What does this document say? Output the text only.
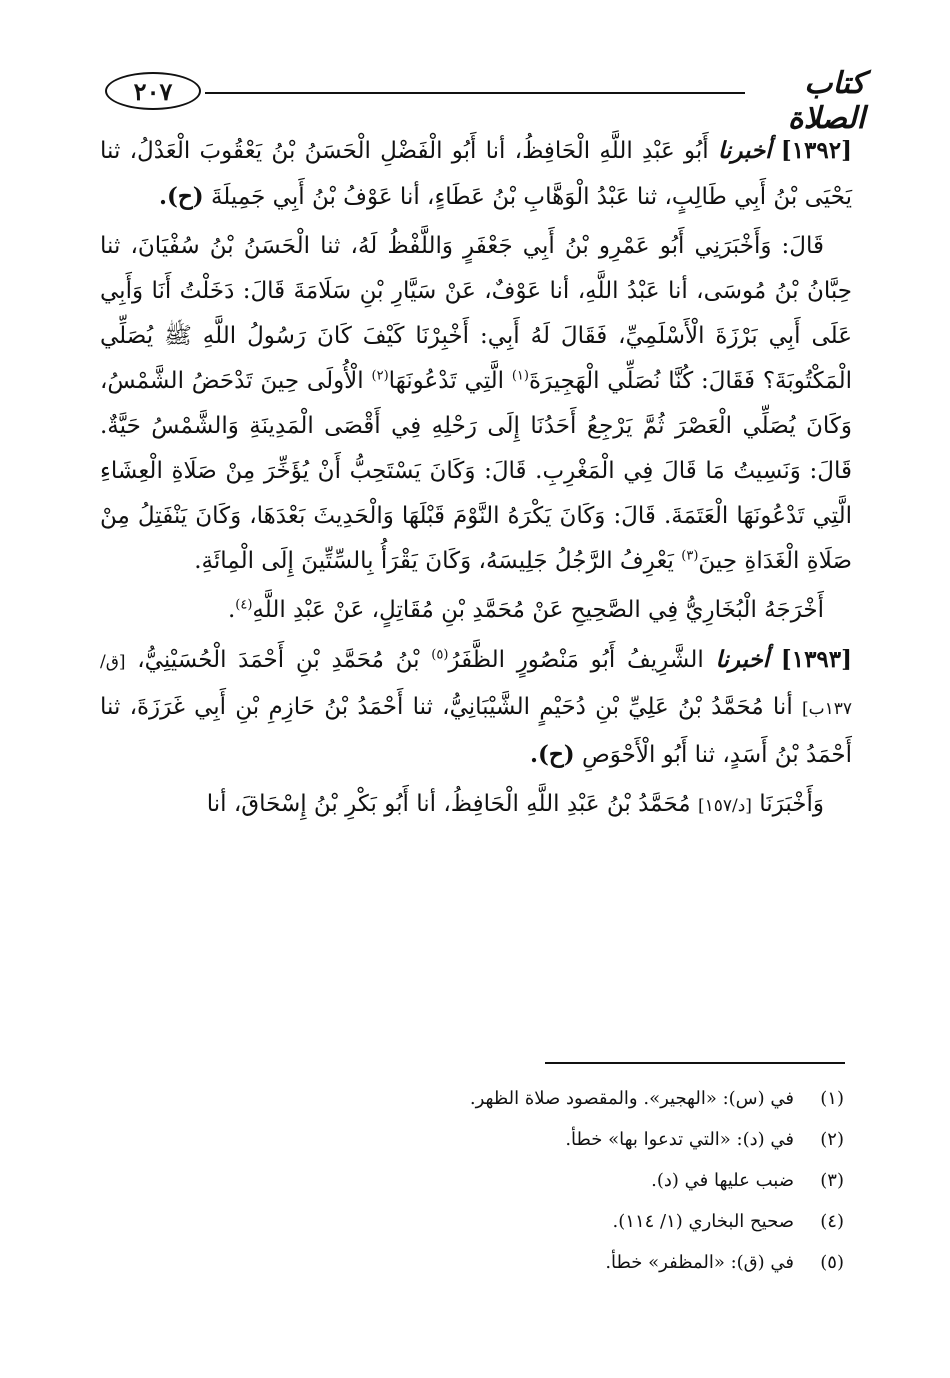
٢٠٧	كتاب الصلاة

[١٣٩٢] أخبرنا أَبُو عَبْدِ اللَّهِ الْحَافِظُ، أنا أَبُو الْفَضْلِ الْحَسَنُ بْنُ يَعْقُوبَ الْعَدْلُ، ثنا يَحْيَى بْنُ أَبِي طَالِبٍ، ثنا عَبْدُ الْوَهَّابِ بْنُ عَطَاءٍ، أنا عَوْفُ بْنُ أَبِي جَمِيلَةَ (ح).

قَالَ: وَأَخْبَرَنِي أَبُو عَمْرِو بْنُ أَبِي جَعْفَرٍ وَاللَّفْظُ لَهُ، ثنا الْحَسَنُ بْنُ سُفْيَانَ، ثنا حِبَّانُ بْنُ مُوسَى، أنا عَبْدُ اللَّهِ، أنا عَوْفٌ، عَنْ سَيَّارِ بْنِ سَلَامَةَ قَالَ: دَخَلْتُ أَنَا وَأَبِي عَلَى أَبِي بَرْزَةَ الْأَسْلَمِيِّ، فَقَالَ لَهُ أَبِي: أَخْبِرْنَا كَيْفَ كَانَ رَسُولُ اللَّهِ ﷺ يُصَلِّي الْمَكْتُوبَةَ؟ فَقَالَ: كُنَّا نُصَلِّي الْهَجِيرَةَ$^{(١)}$ الَّتِي تَدْعُونَهَا$^{(٢)}$ الْأُولَى حِينَ تَدْحَضُ الشَّمْسُ، وَكَانَ يُصَلِّي الْعَصْرَ ثُمَّ يَرْجِعُ أَحَدُنَا إِلَى رَحْلِهِ فِي أَقْصَى الْمَدِينَةِ وَالشَّمْسُ حَيَّةٌ. قَالَ: وَنَسِيتُ مَا قَالَ فِي الْمَغْرِبِ. قَالَ: وَكَانَ يَسْتَحِبُّ أَنْ يُؤَخِّرَ مِنْ صَلَاةِ الْعِشَاءِ الَّتِي تَدْعُونَهَا الْعَتَمَةَ. قَالَ: وَكَانَ يَكْرَهُ النَّوْمَ قَبْلَهَا وَالْحَدِيثَ بَعْدَهَا، وَكَانَ يَنْفَتِلُ مِنْ صَلَاةِ الْغَدَاةِ حِينَ$^{(٣)}$ يَعْرِفُ الرَّجُلُ جَلِيسَهُ، وَكَانَ يَقْرَأُ بِالسِّتِّينَ إِلَى الْمِائَةِ.

أَخْرَجَهُ الْبُخَارِيُّ فِي الصَّحِيحِ عَنْ مُحَمَّدِ بْنِ مُقَاتِلٍ، عَنْ عَبْدِ اللَّهِ$^{(٤)}$.

[١٣٩٣] أخبرنا الشَّرِيفُ أَبُو مَنْصُورٍ الظَّفَرُ$^{(٥)}$ بْنُ مُحَمَّدِ بْنِ أَحْمَدَ الْحُسَيْنِيُّ، [ق/١٣٧ب] أنا مُحَمَّدُ بْنُ عَلِيِّ بْنِ دُحَيْمٍ الشَّيْبَانِيُّ، ثنا أَحْمَدُ بْنُ حَازِمِ بْنِ أَبِي غَرَزَةَ، ثنا أَحْمَدُ بْنُ أَسَدٍ، ثنا أَبُو الْأَحْوَصِ (ح).

وَأَخْبَرَنَا [د/١٥٧] مُحَمَّدُ بْنُ عَبْدِ اللَّهِ الْحَافِظُ، أنا أَبُو بَكْرِ بْنُ إِسْحَاقَ، أنا

(١)
في (س): «الهجير». والمقصود صلاة الظهر.
(٢)
في (د): «التي تدعوا بها» خطأ.
(٣)
ضبب عليها في (د).
(٤)
صحيح البخاري (١/ ١١٤).
(٥)
في (ق): «المظفر» خطأ.
